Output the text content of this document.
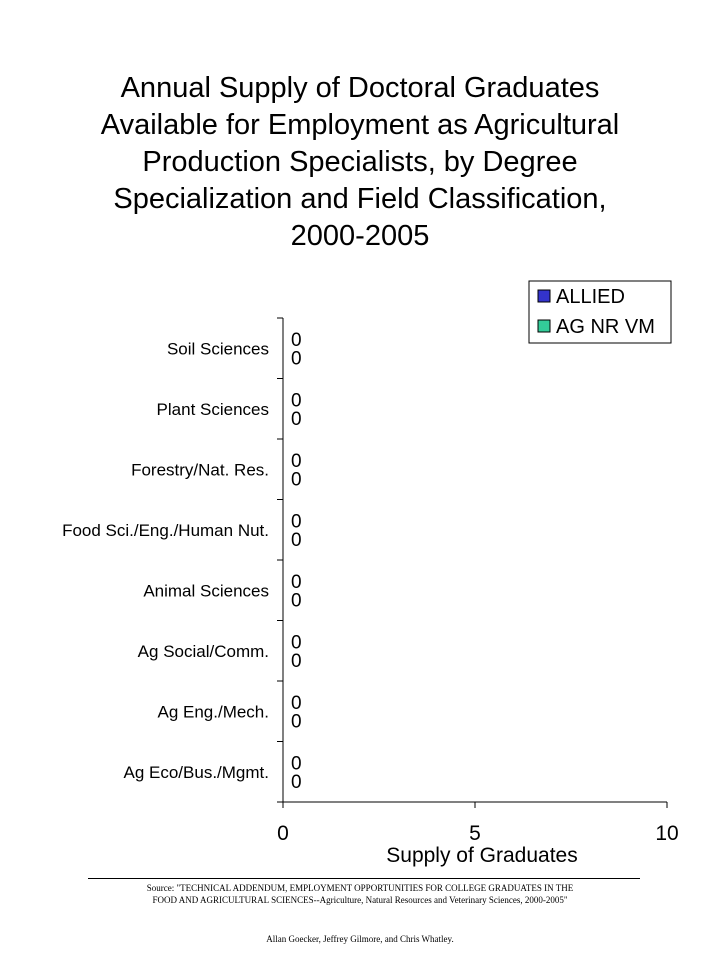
Annual Supply of Doctoral Graduates
Available for Employment as Agricultural
Production Specialists, by Degree
Specialization and Field Classification,
2000-2005
Soil Sciences 0
0
Plant Sciences 0
0
Forestry/Nat. Res. 0
0
Food Sci./Eng./Human Nut. 0
0
Animal Sciences 0
0
Ag Social/Comm. 0
0
Ag Eng./Mech. 0
0
Ag Eco/Bus./Mgmt. 0
0
0	5	10
Supply of Graduates
ALLIED
AG NR VM
Source: "TECHNICAL ADDENDUM, EMPLOYMENT OPPORTUNITIES FOR COLLEGE GRADUATES IN THE
FOOD AND AGRICULTURAL SCIENCES--Agriculture, Natural Resources and Veterinary Sciences, 2000-2005"
Allan Goecker, Jeffrey Gilmore, and Chris Whatley.
